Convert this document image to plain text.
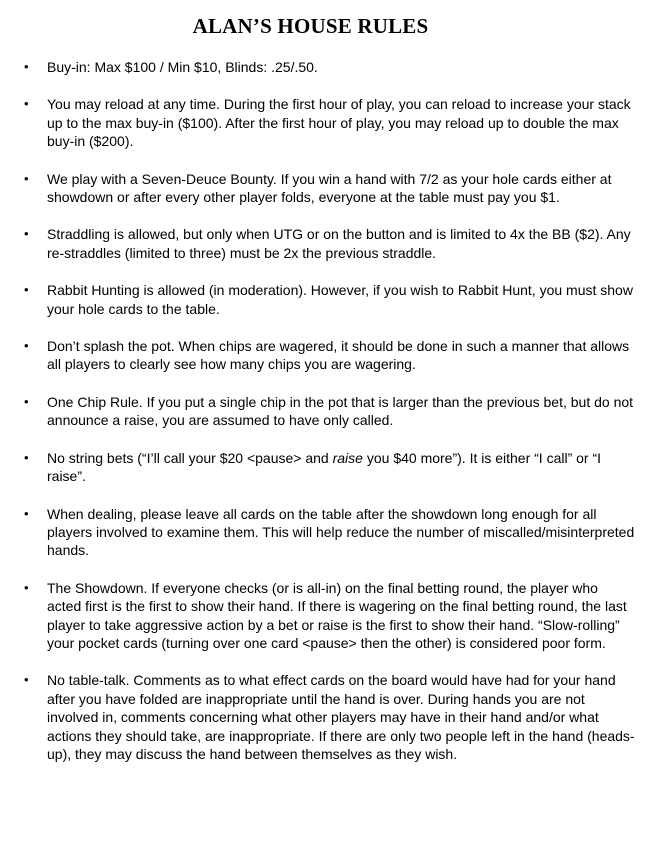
ALAN’S HOUSE RULES
• Buy-in: Max $100 / Min $10, Blinds: .25/.50.
• You may reload at any time. During the first hour of play, you can reload to increase your stack up to the max buy-in ($100). After the first hour of play, you may reload up to double the max buy-in ($200).
• We play with a Seven-Deuce Bounty. If you win a hand with 7/2 as your hole cards either at showdown or after every other player folds, everyone at the table must pay you $1.
• Straddling is allowed, but only when UTG or on the button and is limited to 4x the BB ($2). Any re-straddles (limited to three) must be 2x the previous straddle.
• Rabbit Hunting is allowed (in moderation). However, if you wish to Rabbit Hunt, you must show your hole cards to the table.
• Don’t splash the pot. When chips are wagered, it should be done in such a manner that allows all players to clearly see how many chips you are wagering.
• One Chip Rule. If you put a single chip in the pot that is larger than the previous bet, but do not announce a raise, you are assumed to have only called.
• No string bets (“I’ll call your $20 <pause> and raise you $40 more”). It is either “I call” or “I raise”.
• When dealing, please leave all cards on the table after the showdown long enough for all players involved to examine them. This will help reduce the number of miscalled/misinterpreted hands.
• The Showdown. If everyone checks (or is all-in) on the final betting round, the player who acted first is the first to show their hand. If there is wagering on the final betting round, the last player to take aggressive action by a bet or raise is the first to show their hand. “Slow-rolling” your pocket cards (turning over one card <pause> then the other) is considered poor form.
• No table-talk. Comments as to what effect cards on the board would have had for your hand after you have folded are inappropriate until the hand is over. During hands you are not involved in, comments concerning what other players may have in their hand and/or what actions they should take, are inappropriate. If there are only two people left in the hand (heads-up), they may discuss the hand between themselves as they wish.
